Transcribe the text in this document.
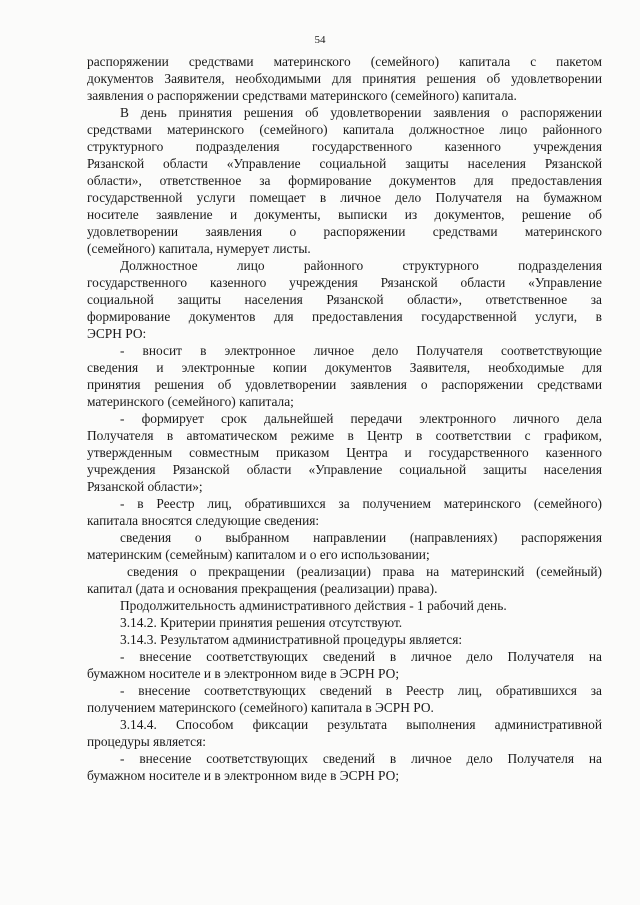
54
распоряжении средствами материнского (семейного) капитала с пакетом
документов Заявителя, необходимыми для принятия решения об удовлетворении
заявления о распоряжении средствами материнского (семейного) капитала.
В день принятия решения об удовлетворении заявления о распоряжении
средствами материнского (семейного) капитала должностное лицо районного
структурного подразделения государственного казенного учреждения
Рязанской области «Управление социальной защиты населения Рязанской
области», ответственное за формирование документов для предоставления
государственной услуги помещает в личное дело Получателя на бумажном
носителе заявление и документы, выписки из документов, решение об
удовлетворении заявления о распоряжении средствами материнского
(семейного) капитала, нумерует листы.
Должностное лицо районного структурного подразделения
государственного казенного учреждения Рязанской области «Управление
социальной защиты населения Рязанской области», ответственное за
формирование документов для предоставления государственной услуги, в
ЭСРН РО:
- вносит в электронное личное дело Получателя соответствующие
сведения и электронные копии документов Заявителя, необходимые для
принятия решения об удовлетворении заявления о распоряжении средствами
материнского (семейного) капитала;
- формирует срок дальнейшей передачи электронного личного дела
Получателя в автоматическом режиме в Центр в соответствии с графиком,
утвержденным совместным приказом Центра и государственного казенного
учреждения Рязанской области «Управление социальной защиты населения
Рязанской области»;
- в Реестр лиц, обратившихся за получением материнского (семейного)
капитала вносятся следующие сведения:
сведения о выбранном направлении (направлениях) распоряжения
материнским (семейным) капиталом и о его использовании;
сведения о прекращении (реализации) права на материнский (семейный)
капитал (дата и основания прекращения (реализации) права).
Продолжительность административного действия - 1 рабочий день.
3.14.2. Критерии принятия решения отсутствуют.
3.14.3. Результатом административной процедуры является:
- внесение соответствующих сведений в личное дело Получателя на
бумажном носителе и в электронном виде в ЭСРН РО;
- внесение соответствующих сведений в Реестр лиц, обратившихся за
получением материнского (семейного) капитала в ЭСРН РО.
3.14.4. Способом фиксации результата выполнения административной
процедуры является:
- внесение соответствующих сведений в личное дело Получателя на
бумажном носителе и в электронном виде в ЭСРН РО;
